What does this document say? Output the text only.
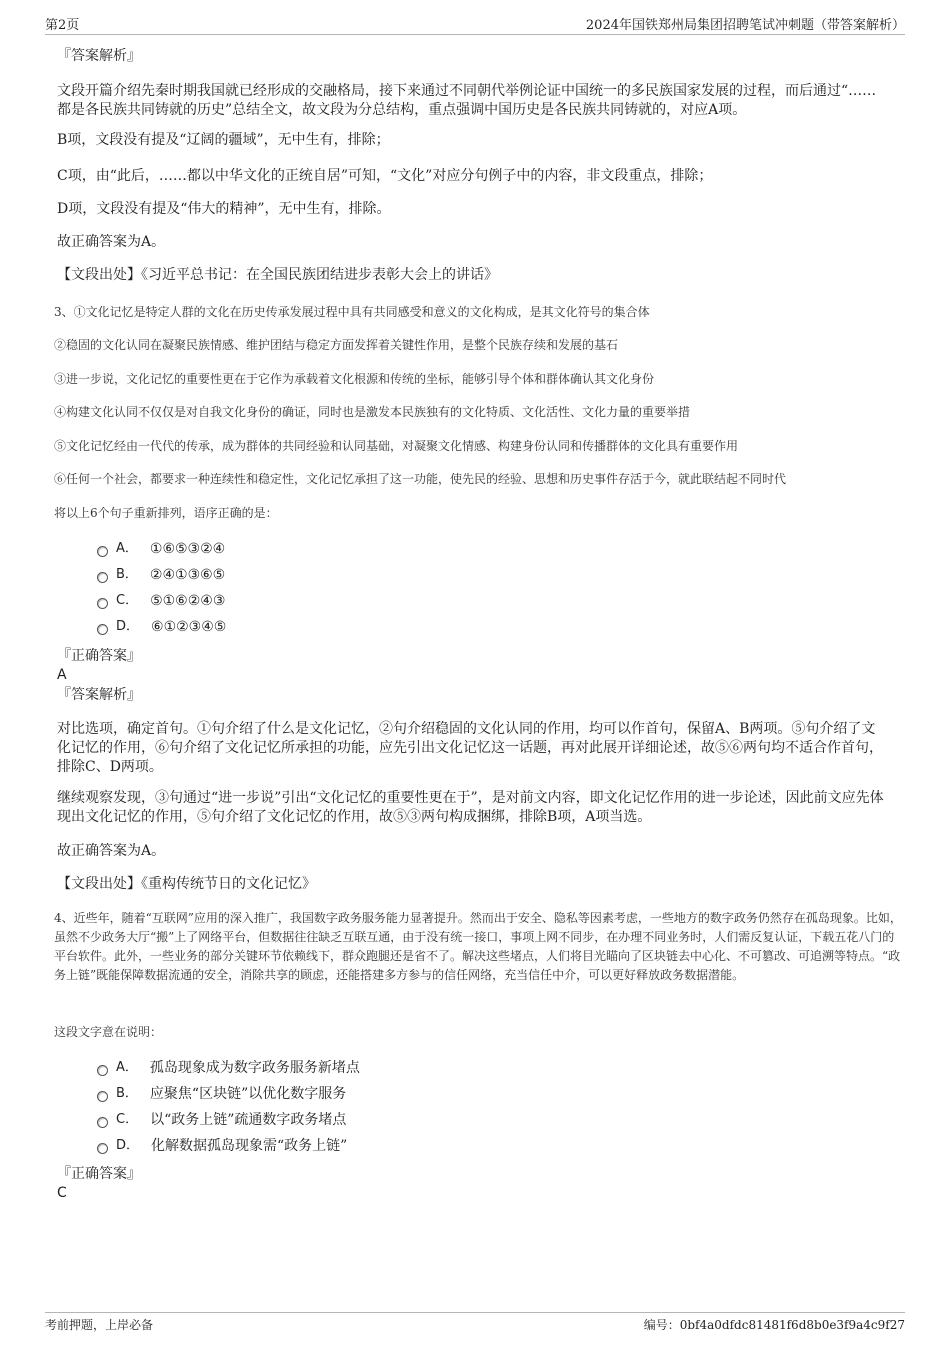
第2页	2024年国铁郑州局集团招聘笔试冲刺题（带答案解析）
『答案解析』
文段开篇介绍先秦时期我国就已经形成的交融格局，接下来通过不同朝代举例论证中国统一的多民族国家发展的过程，而后通过“……都是各民族共同铸就的历史”总结全文，故文段为分总结构，重点强调中国历史是各民族共同铸就的，对应A项。
B项，文段没有提及“辽阔的疆域”，无中生有，排除；
C项，由“此后，……都以中华文化的正统自居”可知，“文化”对应分句例子中的内容，非文段重点，排除；
D项，文段没有提及“伟大的精神”，无中生有，排除。
故正确答案为A。
【文段出处】《习近平总书记：在全国民族团结进步表彰大会上的讲话》
3、①文化记忆是特定人群的文化在历史传承发展过程中具有共同感受和意义的文化构成，是其文化符号的集合体
②稳固的文化认同在凝聚民族情感、维护团结与稳定方面发挥着关键性作用，是整个民族存续和发展的基石
③进一步说，文化记忆的重要性更在于它作为承载着文化根源和传统的坐标，能够引导个体和群体确认其文化身份
④构建文化认同不仅仅是对自我文化身份的确证，同时也是激发本民族独有的文化特质、文化活性、文化力量的重要举措
⑤文化记忆经由一代代的传承，成为群体的共同经验和认同基础，对凝聚文化情感、构建身份认同和传播群体的文化具有重要作用
⑥任何一个社会，都要求一种连续性和稳定性，文化记忆承担了这一功能，使先民的经验、思想和历史事件存活于今，就此联结起不同时代
将以上6个句子重新排列，语序正确的是：
A． ①⑥⑤③②④
B． ②④①③⑥⑤
C． ⑤①⑥②④③
D． ⑥①②③④⑤
『正确答案』
A
『答案解析』
对比选项，确定首句。①句介绍了什么是文化记忆，②句介绍稳固的文化认同的作用，均可以作首句，保留A、B两项。⑤句介绍了文化记忆的作用，⑥句介绍了文化记忆所承担的功能，应先引出文化记忆这一话题，再对此展开详细论述，故⑤⑥两句均不适合作首句，排除C、D两项。
继续观察发现，③句通过“进一步说”引出“文化记忆的重要性更在于”，是对前文内容，即文化记忆作用的进一步论述，因此前文应先体现出文化记忆的作用，⑤句介绍了文化记忆的作用，故⑤③两句构成捆绑，排除B项，A项当选。
故正确答案为A。
【文段出处】《重构传统节日的文化记忆》
4、近些年，随着“互联网”应用的深入推广，我国数字政务服务能力显著提升。然而出于安全、隐私等因素考虑，一些地方的数字政务仍然存在孤岛现象。比如，虽然不少政务大厅“搬”上了网络平台，但数据往往缺乏互联互通，由于没有统一接口，事项上网不同步，在办理不同业务时，人们需反复认证，下载五花八门的平台软件。此外，一些业务的部分关键环节依赖线下，群众跑腿还是省不了。解决这些堵点，人们将目光瞄向了区块链去中心化、不可篡改、可追溯等特点。“政务上链”既能保障数据流通的安全，消除共享的顾虑，还能搭建多方参与的信任网络，充当信任中介，可以更好释放政务数据潜能。
这段文字意在说明：
A． 孤岛现象成为数字政务服务新堵点
B． 应聚焦“区块链”以优化数字服务
C． 以“政务上链”疏通数字政务堵点
D． 化解数据孤岛现象需“政务上链”
『正确答案』
C
考前押题，上岸必备	编号：0bf4a0dfdc81481f6d8b0e3f9a4c9f27
